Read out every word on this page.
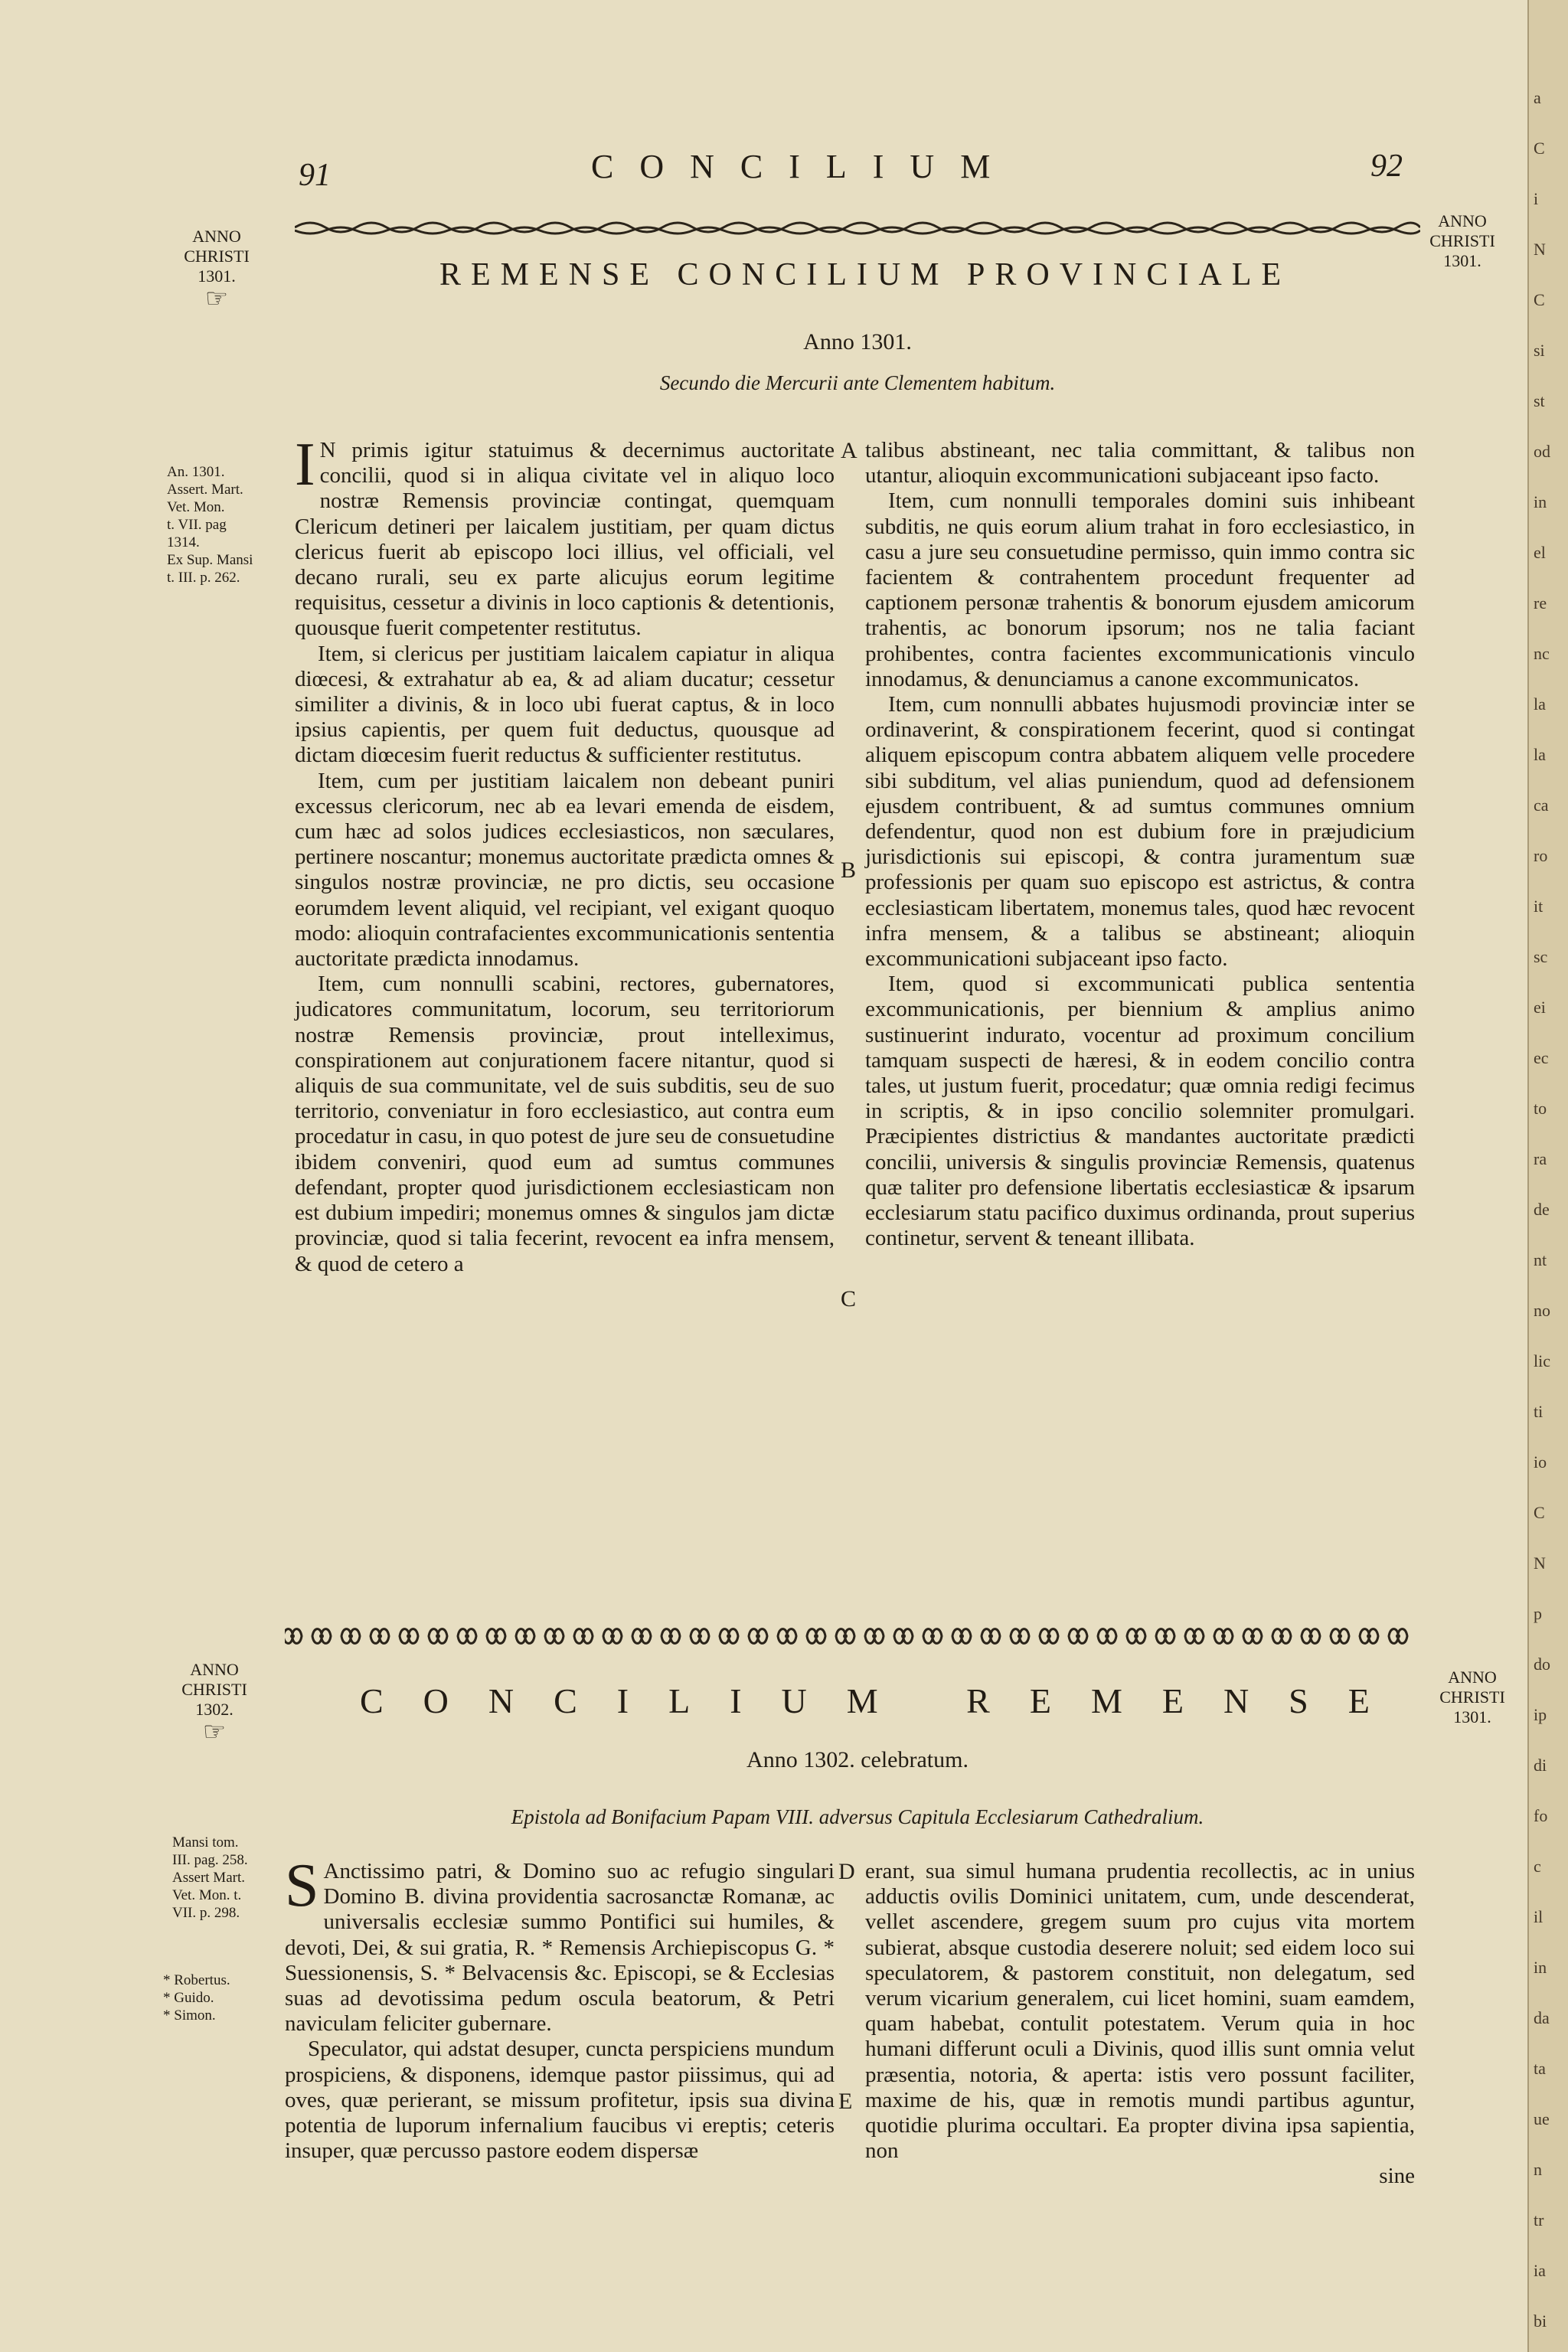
91	CONCILIUM	92
ANNO
CHRISTI
1301.
☞
ANNO
CHRISTI
1301.
REMENSE CONCILIUM PROVINCIALE
Anno 1301.
Secundo die Mercurii ante Clementem habitum.
An. 1301.
Assert. Mart.
Vet. Mon.
t. VII. pag
1314.
Ex Sup. Mansi
t. III. p. 262.

I N primis igitur statuimus & decernimus auctoritate concilii, quod si in aliqua civitate vel in aliquo loco nostræ Remensis provinciæ contingat, quemquam Clericum detineri per laicalem justitiam, per quam dictus clericus fuerit ab episcopo loci illius, vel officiali, vel decano rurali, seu ex parte alicujus eorum legitime requisitus, cessetur a divinis in loco captionis & detentionis, quousque fuerit competenter restitutus.

Item, si clericus per justitiam laicalem capiatur in aliqua diœcesi, & extrahatur ab ea, & ad aliam ducatur; cessetur similiter a divinis, & in loco ubi fuerat captus, & in loco ipsius capientis, per quem fuit deductus, quousque ad dictam diœcesim fuerit reductus & sufficienter restitutus.

Item, cum per justitiam laicalem non debeant puniri excessus clericorum, nec ab ea levari emenda de eisdem, cum hæc ad solos judices ecclesiasticos, non sæculares, pertinere noscantur; monemus auctoritate prædicta omnes & singulos nostræ provinciæ, ne pro dictis, seu occasione eorumdem levent aliquid, vel recipiant, vel exigant quoquo modo: alioquin contrafacientes excommunicationis sententia auctoritate prædicta innodamus.

Item, cum nonnulli scabini, rectores, gubernatores, judicatores communitatum, locorum, seu territoriorum nostræ Remensis provinciæ, prout intelleximus, conspirationem aut conjurationem facere nitantur, quod si aliquis de sua communitate, vel de suis subditis, seu de suo territorio, conveniatur in foro ecclesiastico, aut contra eum procedatur in casu, in quo potest de jure seu de consuetudine ibidem conveniri, quod eum ad sumtus communes defendant, propter quod jurisdictionem ecclesiasticam non est dubium impediri; monemus omnes & singulos jam dictæ provinciæ, quod si talia fecerint, revocent ea infra mensem, & quod de cetero a

A
B
C

talibus abstineant, nec talia committant, & talibus non utantur, alioquin excommunicationi subjaceant ipso facto.

Item, cum nonnulli temporales domini suis inhibeant subditis, ne quis eorum alium trahat in foro ecclesiastico, in casu a jure seu consuetudine permisso, quin immo contra sic facientem & contrahentem procedunt frequenter ad captionem personæ trahentis & bonorum ejusdem amicorum trahentis, ac bonorum ipsorum; nos ne talia faciant prohibentes, contra facientes excommunicationis vinculo innodamus, & denunciamus a canone excommunicatos.

Item, cum nonnulli abbates hujusmodi provinciæ inter se ordinaverint, & conspirationem fecerint, quod si contingat aliquem episcopum contra abbatem aliquem velle procedere sibi subditum, vel alias puniendum, quod ad defensionem ejusdem contribuent, & ad sumtus communes omnium defendentur, quod non est dubium fore in præjudicium jurisdictionis sui episcopi, & contra juramentum suæ professionis per quam suo episcopo est astrictus, & contra ecclesiasticam libertatem, monemus tales, quod hæc revocent infra mensem, & a talibus se abstineant; alioquin excommunicationi subjaceant ipso facto.

Item, quod si excommunicati publica sententia excommunicationis, per biennium & amplius animo sustinuerint indurato, vocentur ad proximum concilium tamquam suspecti de hæresi, & in eodem concilio contra tales, ut justum fuerit, procedatur; quæ omnia redigi fecimus in scriptis, & in ipso concilio solemniter promulgari. Præcipientes districtius & mandantes auctoritate prædicti concilii, universis & singulis provinciæ Remensis, quatenus quæ taliter pro defensione libertatis ecclesiasticæ & ipsarum ecclesiarum statu pacifico duximus ordinanda, prout superius continetur, servent & teneant illibata.

ANNO
CHRISTI
1302.
☞
ANNO
CHRISTI
1301.
CONCILIUM REMENSE
Anno 1302. celebratum.
Epistola ad Bonifacium Papam VIII. adversus Capitula Ecclesiarum Cathedralium.
Mansi tom.
III. pag. 258.
Assert Mart.
Vet. Mon. t.
VII. p. 298.
* Robertus.
* Guido.
* Simon.

S Anctissimo patri, & Domino suo ac refugio singulari Domino B. divina providentia sacrosanctæ Romanæ, ac universalis ecclesiæ summo Pontifici sui humiles, & devoti, Dei, & sui gratia, R. * Remensis Archiepiscopus G. * Suessionensis, S. * Belvacensis &c. Episcopi, se & Ecclesias suas ad devotissima pedum oscula beatorum, & Petri naviculam feliciter gubernare.

Speculator, qui adstat desuper, cuncta perspiciens mundum prospiciens, & disponens, idemque pastor piissimus, qui ad oves, quæ perierant, se missum profitetur, ipsis sua divina potentia de luporum infernalium faucibus vi ereptis; ceteris insuper, quæ percusso pastore eodem dispersæ

D
E

erant, sua simul humana prudentia recollectis, ac in unius adductis ovilis Dominici unitatem, cum, unde descenderat, vellet ascendere, gregem suum pro cujus vita mortem subierat, absque custodia deserere noluit; sed eidem loco sui speculatorem, & pastorem constituit, non delegatum, sed verum vicarium generalem, cui licet homini, suam eamdem, quam habebat, contulit potestatem. Verum quia in hoc humani differunt oculi a Divinis, quod illis sunt omnia velut præsentia, notoria, & aperta: istis vero possunt faciliter, maxime de his, quæ in remotis mundi partibus aguntur, quotidie plurima occultari. Ea propter divina ipsa sapientia, non

sine

a
C
i
N
C
si
st
od
in
el
re
nc
la
la
ca
ro
it
sc
ei
ec
to
ra
de
nt
no
lic
ti
io
C
N
p
do
ip
di
fo
c
il
in
da
ta
ue
n
tr
ia
bi
